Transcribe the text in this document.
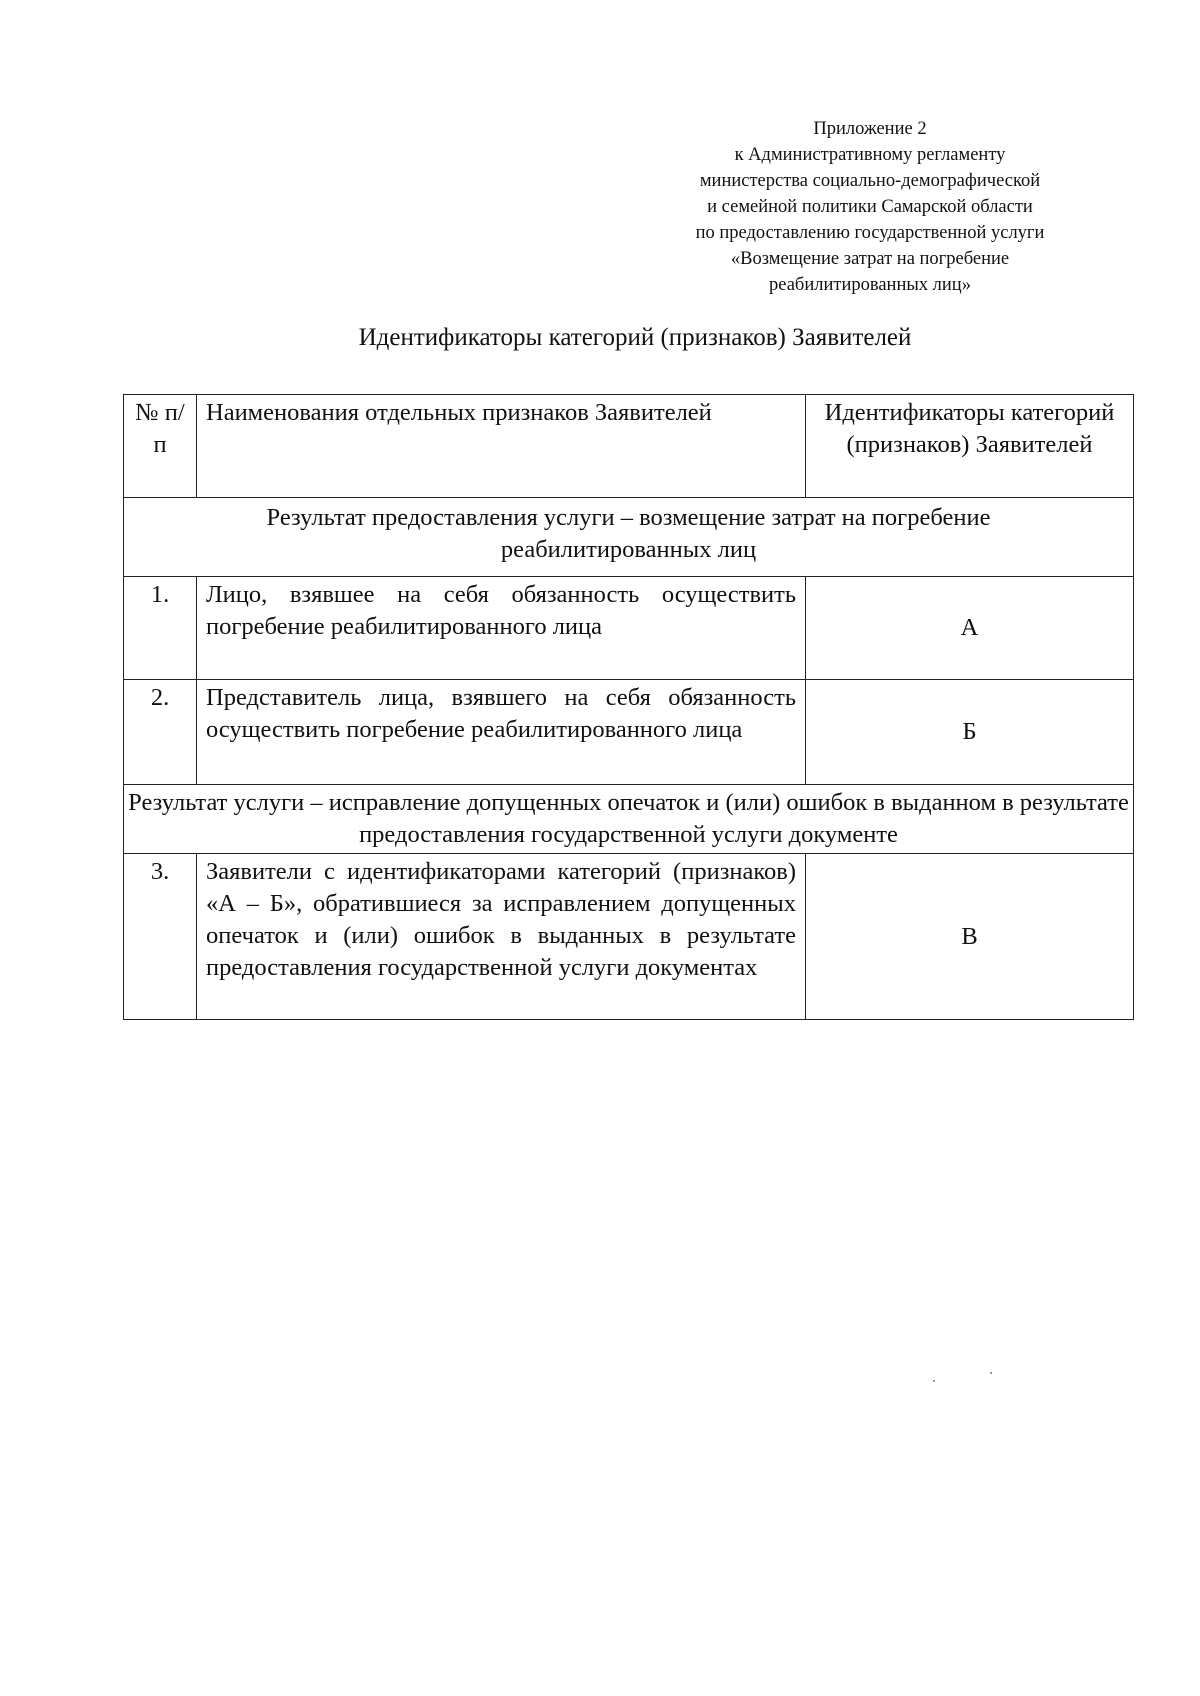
Приложение 2
к Административному регламенту
министерства социально-демографической
и семейной политики Самарской области
по предоставлению государственной услуги
«Возмещение затрат на погребение
реабилитированных лиц»
Идентификаторы категорий (признаков) Заявителей
№ п/п	Наименования отдельных признаков Заявителей	Идентификаторы категорий (признаков) Заявителей
Результат предоставления услуги – возмещение затрат на погребение реабилитированных лиц		
1.	Лицо, взявшее на себя обязанность осуществить погребение реабилитированного лица	А
2.	Представитель лица, взявшего на себя обязанность осуществить погребение реабилитированного лица	Б
Результат услуги – исправление допущенных опечаток и (или) ошибок в выданном в результате предоставления государственной услуги документе		
3.	Заявители с идентификаторами категорий (признаков) «А – Б», обратившиеся за исправлением допущенных опечаток и (или) ошибок в выданных в результате предоставления государственной услуги документах	В
